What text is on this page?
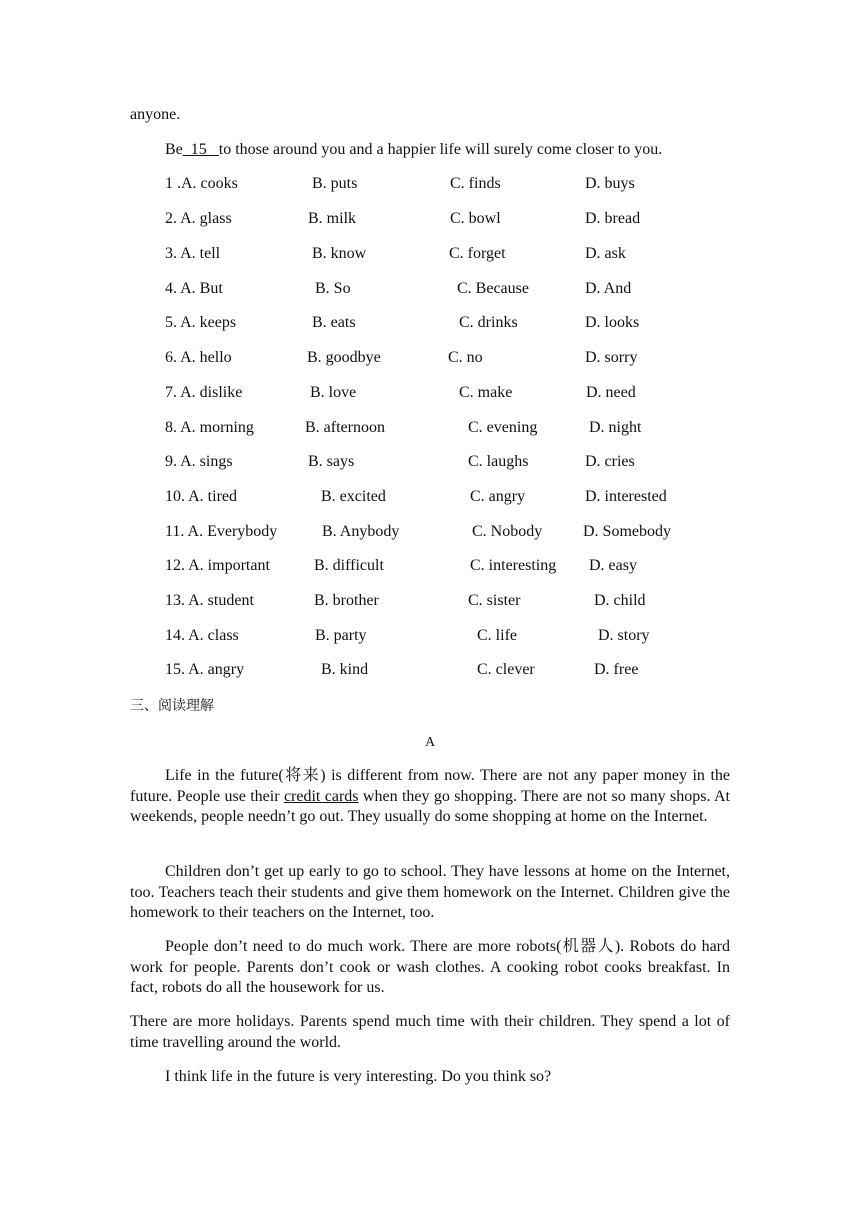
anyone.
Be  15   to those around you and a happier life will surely come closer to you.
1 .A. cooks	B. puts	C. finds	D. buys
2. A. glass	B. milk	C. bowl	D. bread
3. A. tell	B. know	C. forget	D. ask
4. A. But	B. So	C. Because	D. And
5. A. keeps	B. eats	C. drinks	D. looks
6. A. hello	B. goodbye	C. no	D. sorry
7. A. dislike	B. love	C. make	D. need
8. A. morning	B. afternoon	C. evening	D. night
9. A. sings	B. says	C. laughs	D. cries
10. A. tired	B. excited	C. angry	D. interested
11. A. Everybody	B. Anybody	C. Nobody	D. Somebody
12. A. important	B. difficult	C. interesting D. easy
13. A. student	B. brother	C. sister	D. child
14. A. class	B. party	C. life	D. story
15. A. angry	B. kind	C. clever	D. free
三、阅读理解
A
Life in the future(将来) is different from now. There are not any paper money in the future. People use their credit cards when they go shopping. There are not so many shops. At weekends, people needn’t go out. They usually do some shopping at home on the Internet.
Children don’t get up early to go to school. They have lessons at home on the Internet, too. Teachers teach their students and give them homework on the Internet. Children give the homework to their teachers on the Internet, too.
People don’t need to do much work. There are more robots(机器人). Robots do hard work for people. Parents don’t cook or wash clothes. A cooking robot cooks breakfast. In fact, robots do all the housework for us.
There are more holidays. Parents spend much time with their children. They spend a lot of time travelling around the world.
I think life in the future is very interesting. Do you think so?
